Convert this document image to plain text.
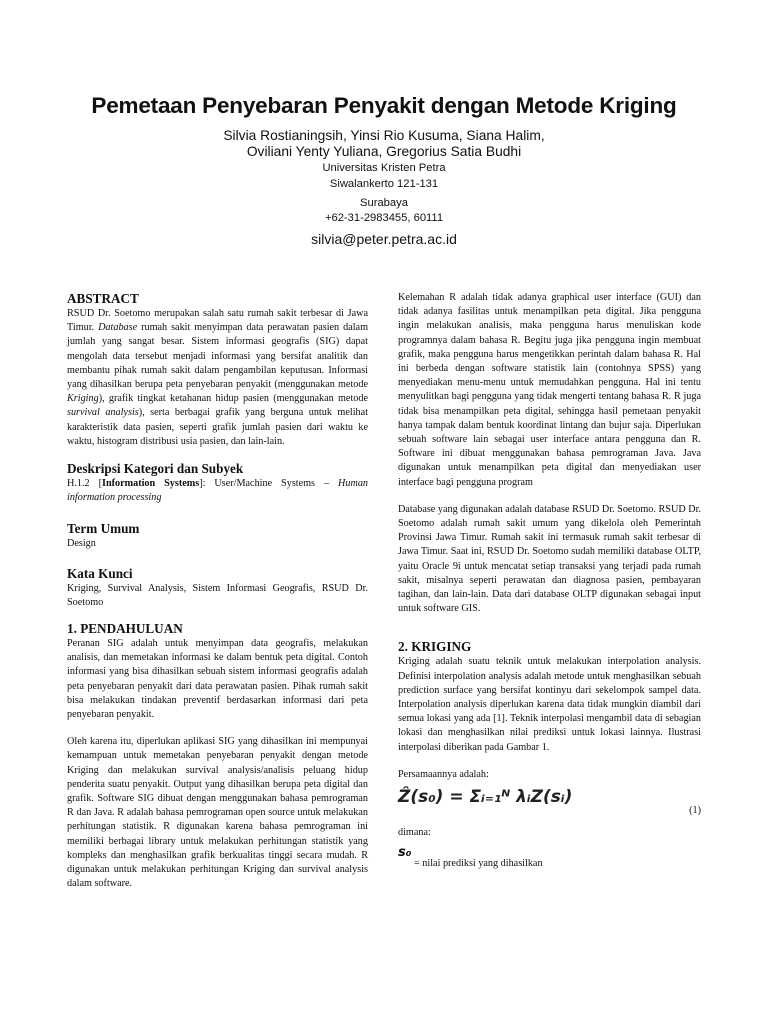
Pemetaan Penyebaran Penyakit dengan Metode Kriging
Silvia Rostianingsih, Yinsi Rio Kusuma, Siana Halim,
Oviliani Yenty Yuliana, Gregorius Satia Budhi
Universitas Kristen Petra
Siwalankerto 121-131
Surabaya
+62-31-2983455, 60111
silvia@peter.petra.ac.id
ABSTRACT

RSUD Dr. Soetomo merupakan salah satu rumah sakit terbesar di Jawa Timur. Database rumah sakit menyimpan data perawatan pasien dalam jumlah yang sangat besar. Sistem informasi geografis (SIG) dapat mengolah data tersebut menjadi informasi yang bersifat analitik dan membantu pihak rumah sakit dalam pengambilan keputusan. Informasi yang dihasilkan berupa peta penyebaran penyakit (menggunakan metode Kriging), grafik tingkat ketahanan hidup pasien (menggunakan metode survival analysis), serta berbagai grafik yang berguna untuk melihat karakteristik data pasien, seperti grafik jumlah pasien dari waktu ke waktu, histogram distribusi usia pasien, dan lain-lain.

Deskripsi Kategori dan Subyek

H.1.2 [Information Systems]: User/Machine Systems – Human information processing

Term Umum

Design

Kata Kunci

Kriging, Survival Analysis, Sistem Informasi Geografis, RSUD Dr. Soetomo

1. PENDAHULUAN

Peranan SIG adalah untuk menyimpan data geografis, melakukan analisis, dan memetakan informasi ke dalam bentuk peta digital. Contoh informasi yang bisa dihasilkan sebuah sistem informasi geografis adalah peta penyebaran penyakit dari data perawatan pasien. Pihak rumah sakit bisa melakukan tindakan preventif berdasarkan informasi dari peta penyebaran penyakit.

Oleh karena itu, diperlukan aplikasi SIG yang dihasilkan ini mempunyai kemampuan untuk memetakan penyebaran penyakit dengan metode Kriging dan melakukan survival analysis/analisis peluang hidup penderita suatu penyakit. Output yang dihasilkan berupa peta digital dan grafik. Software SIG dibuat dengan menggunakan bahasa pemrograman R dan Java. R adalah bahasa pemrograman open source untuk melakukan perhitungan statistik. R digunakan karena bahasa pemrograman ini memiliki berbagai library untuk melakukan perhitungan statistik yang kompleks dan menghasilkan grafik berkualitas tinggi secara mudah. R digunakan untuk melakukan perhitungan Kriging dan survival analysis dalam software.

Kelemahan R adalah tidak adanya graphical user interface (GUI) dan tidak adanya fasilitas untuk menampilkan peta digital. Jika pengguna ingin melakukan analisis, maka pengguna harus menuliskan kode programnya dalam bahasa R. Begitu juga jika pengguna ingin membuat grafik, maka pengguna harus mengetikkan perintah dalam bahasa R. Hal ini berbeda dengan software statistik lain (contohnya SPSS) yang menyediakan menu-menu untuk memudahkan pengguna. Hal ini tentu menyulitkan bagi pengguna yang tidak mengerti tentang bahasa R. R juga tidak bisa menampilkan peta digital, sehingga hasil pemetaan penyakit hanya tampak dalam bentuk koordinat lintang dan bujur saja. Diperlukan sebuah software lain sebagai user interface antara pengguna dan R. Software ini dibuat menggunakan bahasa pemrograman Java. Java digunakan untuk menampilkan peta digital dan menyediakan user interface bagi pengguna program

Database yang digunakan adalah database RSUD Dr. Soetomo. RSUD Dr. Soetomo adalah rumah sakit umum yang dikelola oleh Pemerintah Provinsi Jawa Timur. Rumah sakit ini termasuk rumah sakit terbesar di Jawa Timur. Saat ini, RSUD Dr. Soetomo sudah memiliki database OLTP, yaitu Oracle 9i untuk mencatat setiap transaksi yang terjadi pada rumah sakit, misalnya seperti perawatan dan diagnosa pasien, pembayaran tagihan, dan lain-lain. Data dari database OLTP digunakan sebagai input untuk software GIS.

2. KRIGING

Kriging adalah suatu teknik untuk melakukan interpolation analysis. Definisi interpolation analysis adalah metode untuk menghasilkan sebuah prediction surface yang bersifat kontinyu dari sekelompok sampel data. Interpolation analysis diperlukan karena data tidak mungkin diambil dari semua lokasi yang ada [1]. Teknik interpolasi mengambil data di sebagian lokasi dan menghasilkan nilai prediksi untuk lokasi lainnya. Ilustrasi interpolasi diberikan pada Gambar 1.

Persamaannya adalah:

Ẑ(s₀) = Σᵢ₌₁ᴺ λᵢZ(sᵢ)
(1)

dimana:

s₀

= nilai prediksi yang dihasilkan
